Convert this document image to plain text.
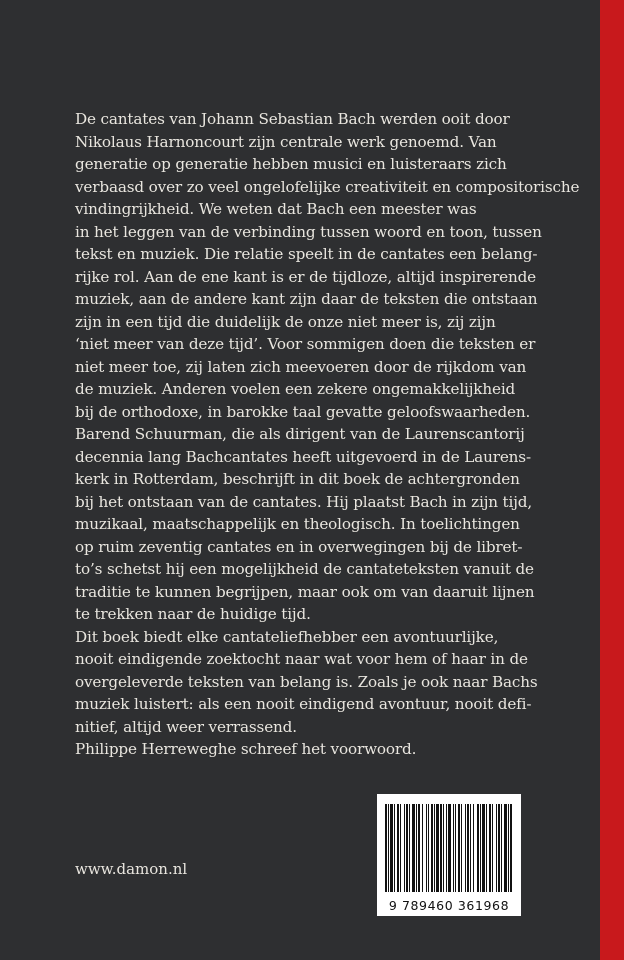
De cantates van Johann Sebastian Bach werden ooit door
Nikolaus Harnoncourt zijn centrale werk genoemd. Van
generatie op generatie hebben musici en luisteraars zich
verbaasd over zo veel ongelofelijke creativiteit en compositorische
vindingrijkheid. We weten dat Bach een meester was
in het leggen van de verbinding tussen woord en toon, tussen
tekst en muziek. Die relatie speelt in de cantates een belang-
rijke rol. Aan de ene kant is er de tijdloze, altijd inspirerende
muziek, aan de andere kant zijn daar de teksten die ontstaan
zijn in een tijd die duidelijk de onze niet meer is, zij zijn
‘niet meer van deze tijd’. Voor sommigen doen die teksten er
niet meer toe, zij laten zich meevoeren door de rijkdom van
de muziek. Anderen voelen een zekere ongemakkelijkheid
bij de orthodoxe, in barokke taal gevatte geloofswaarheden.
Barend Schuurman, die als dirigent van de Laurenscantorij
decennia lang Bachcantates heeft uitgevoerd in de Laurens-
kerk in Rotterdam, beschrijft in dit boek de achtergronden
bij het ontstaan van de cantates. Hij plaatst Bach in zijn tijd,
muzikaal, maatschappelijk en theologisch. In toelichtingen
op ruim zeventig cantates en in overwegingen bij de libret-
to’s schetst hij een mogelijkheid de cantateteksten vanuit de
traditie te kunnen begrijpen, maar ook om van daaruit lijnen
te trekken naar de huidige tijd.
Dit boek biedt elke cantateliefhebber een avontuurlijke,
nooit eindigende zoektocht naar wat voor hem of haar in de
overgeleverde teksten van belang is. Zoals je ook naar Bachs
muziek luistert: als een nooit eindigend avontuur, nooit defi-
nitief, altijd weer verrassend.
Philippe Herreweghe schreef het voorwoord.
www.damon.nl
9 789460 361968
